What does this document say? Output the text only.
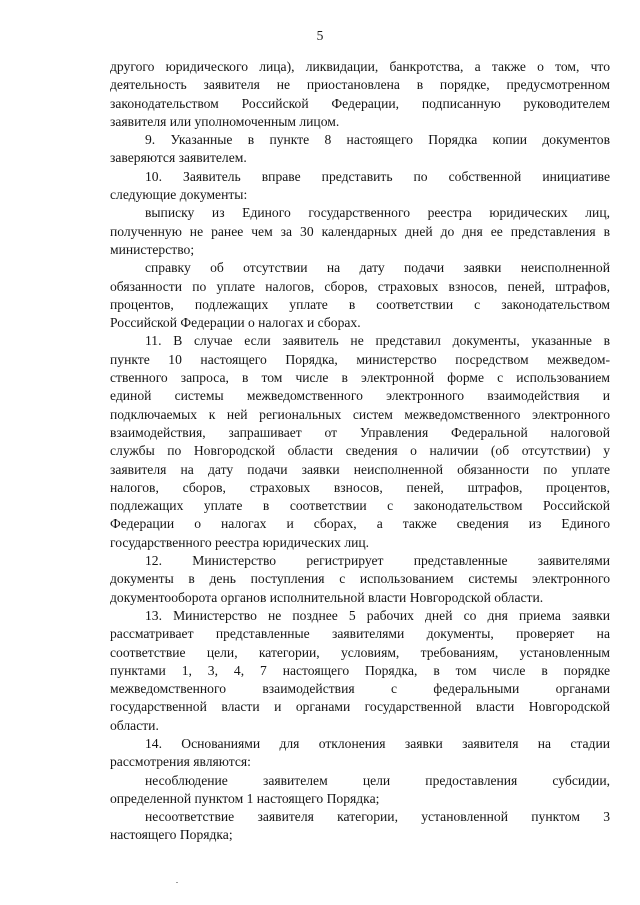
5
другого юридического лица), ликвидации, банкротства, а также о том, что
деятельность заявителя не приостановлена в порядке, предусмотренном
законодательством Российской Федерации, подписанную руководителем
заявителя или уполномоченным лицом.
9. Указанные в пункте 8 настоящего Порядка копии документов
заверяются заявителем.
10. Заявитель вправе представить по собственной инициативе
следующие документы:
выписку из Единого государственного реестра юридических лиц,
полученную не ранее чем за 30 календарных дней до дня ее представления в
министерство;
справку об отсутствии на дату подачи заявки неисполненной
обязанности по уплате налогов, сборов, страховых взносов, пеней, штрафов,
процентов, подлежащих уплате в соответствии с законодательством
Российской Федерации о налогах и сборах.
11. В случае если заявитель не представил документы, указанные в
пункте 10 настоящего Порядка, министерство посредством межведом-
ственного запроса, в том числе в электронной форме с использованием
единой системы межведомственного электронного взаимодействия и
подключаемых к ней региональных систем межведомственного электронного
взаимодействия, запрашивает от Управления Федеральной налоговой
службы по Новгородской области сведения о наличии (об отсутствии) у
заявителя на дату подачи заявки неисполненной обязанности по уплате
налогов, сборов, страховых взносов, пеней, штрафов, процентов,
подлежащих уплате в соответствии с законодательством Российской
Федерации о налогах и сборах, а также сведения из Единого
государственного реестра юридических лиц.
12. Министерство регистрирует представленные заявителями
документы в день поступления с использованием системы электронного
документооборота органов исполнительной власти Новгородской области.
13. Министерство не позднее 5 рабочих дней со дня приема заявки
рассматривает представленные заявителями документы, проверяет на
соответствие цели, категории, условиям, требованиям, установленным
пунктами 1, 3, 4, 7 настоящего Порядка, в том числе в порядке
межведомственного взаимодействия с федеральными органами
государственной власти и органами государственной власти Новгородской
области.
14. Основаниями для отклонения заявки заявителя на стадии
рассмотрения являются:
несоблюдение заявителем цели предоставления субсидии,
определенной пунктом 1 настоящего Порядка;
несоответствие заявителя категории, установленной пунктом 3
настоящего Порядка;
